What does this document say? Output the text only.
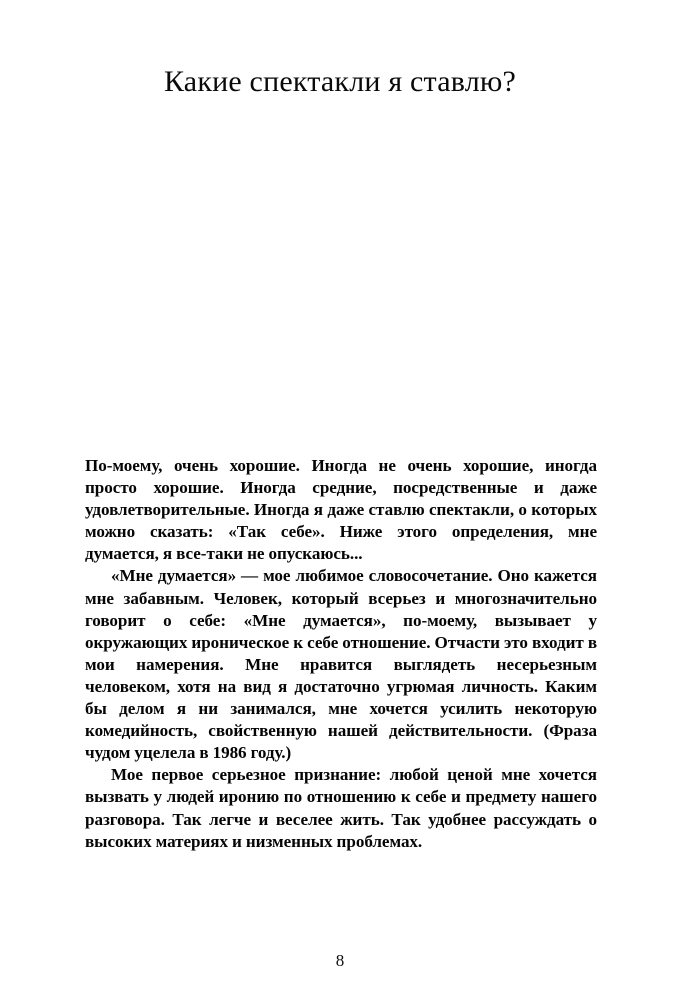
Какие спектакли я ставлю?

По-моему, очень хорошие. Иногда не очень хорошие, иногда просто хорошие. Иногда средние, посредственные и даже удовлетворительные. Иногда я даже ставлю спектакли, о которых можно сказать: «Так себе». Ниже этого определения, мне думается, я все-таки не опускаюсь...

«Мне думается» — мое любимое словосочетание. Оно кажется мне забавным. Человек, который всерьез и многозначительно говорит о себе: «Мне думается», по-моему, вызывает у окружающих ироническое к себе отношение. Отчасти это входит в мои намерения. Мне нравится выглядеть несерьезным человеком, хотя на вид я достаточно угрюмая личность. Каким бы делом я ни занимался, мне хочется усилить некоторую комедийность, свойственную нашей действительности. (Фраза чудом уцелела в 1986 году.)

Мое первое серьезное признание: любой ценой мне хочется вызвать у людей иронию по отношению к себе и предмету нашего разговора. Так легче и веселее жить. Так удобнее рассуждать о высоких материях и низменных проблемах.

8
